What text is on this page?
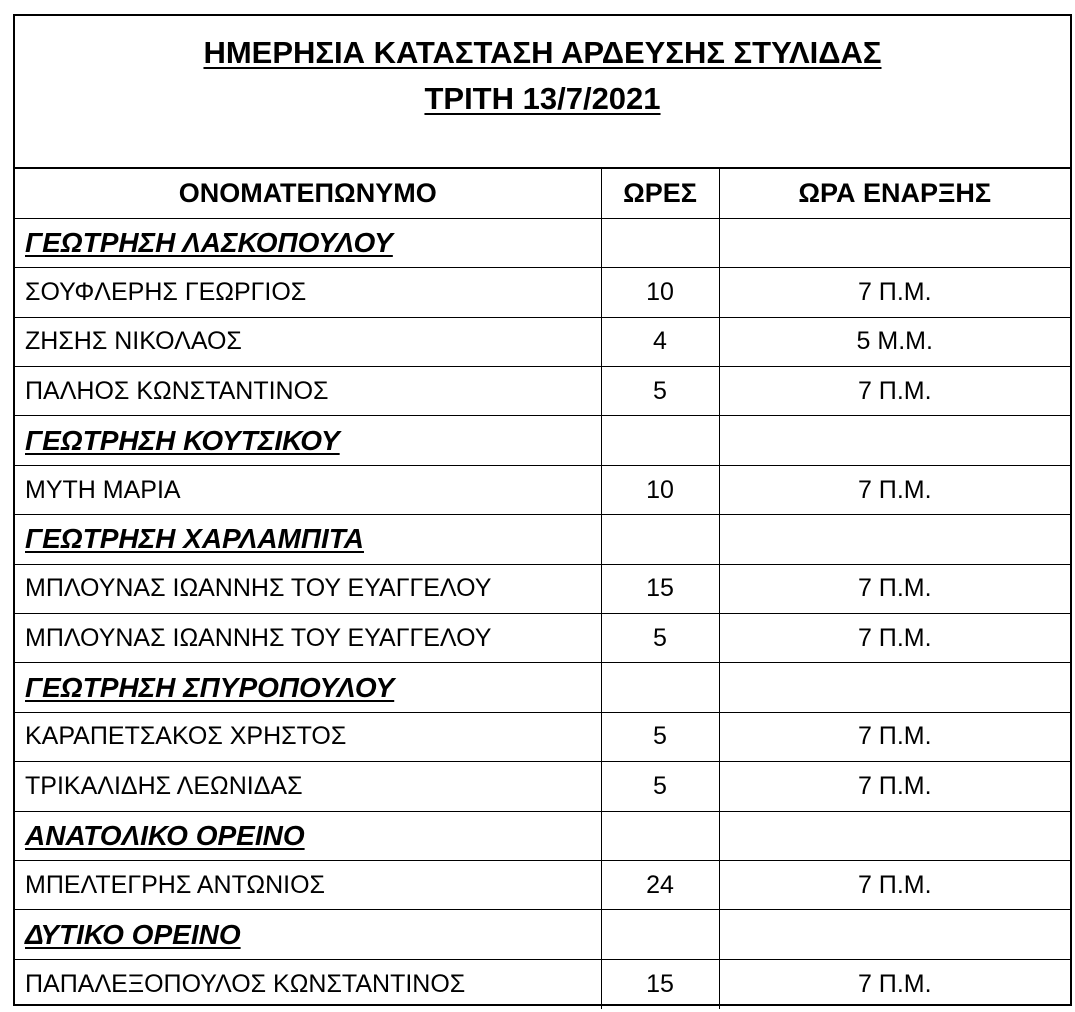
ΗΜΕΡΗΣΙΑ ΚΑΤΑΣΤΑΣΗ ΑΡΔΕΥΣΗΣ ΣΤΥΛΙΔΑΣ
ΤΡΙΤΗ 13/7/2021
ΟΝΟΜΑΤΕΠΩΝΥΜΟ	ΩΡΕΣ	ΩΡΑ ΕΝΑΡΞΗΣ
ΓΕΩΤΡΗΣΗ ΛΑΣΚΟΠΟΥΛΟΥ		
ΣΟΥΦΛΕΡΗΣ ΓΕΩΡΓΙΟΣ	10	7 Π.Μ.
ΖΗΣΗΣ ΝΙΚΟΛΑΟΣ	4	5 Μ.Μ.
ΠΑΛΗΟΣ ΚΩΝΣΤΑΝΤΙΝΟΣ	5	7 Π.Μ.
ΓΕΩΤΡΗΣΗ ΚΟΥΤΣΙΚΟΥ		
ΜΥΤΗ ΜΑΡΙΑ	10	7 Π.Μ.
ΓΕΩΤΡΗΣΗ ΧΑΡΛΑΜΠΙΤΑ		
ΜΠΛΟΥΝΑΣ ΙΩΑΝΝΗΣ ΤΟΥ ΕΥΑΓΓΕΛΟΥ	15	7 Π.Μ.
ΜΠΛΟΥΝΑΣ ΙΩΑΝΝΗΣ ΤΟΥ ΕΥΑΓΓΕΛΟΥ	5	7 Π.Μ.
ΓΕΩΤΡΗΣΗ ΣΠΥΡΟΠΟΥΛΟΥ		
ΚΑΡΑΠΕΤΣΑΚΟΣ ΧΡΗΣΤΟΣ	5	7 Π.Μ.
ΤΡΙΚΑΛΙΔΗΣ ΛΕΩΝΙΔΑΣ	5	7 Π.Μ.
ΑΝΑΤΟΛΙΚΟ ΟΡΕΙΝΟ		
ΜΠΕΛΤΕΓΡΗΣ ΑΝΤΩΝΙΟΣ	24	7 Π.Μ.
ΔΥΤΙΚΟ ΟΡΕΙΝΟ		
ΠΑΠΑΛΕΞΟΠΟΥΛΟΣ ΚΩΝΣΤΑΝΤΙΝΟΣ	15	7 Π.Μ.
